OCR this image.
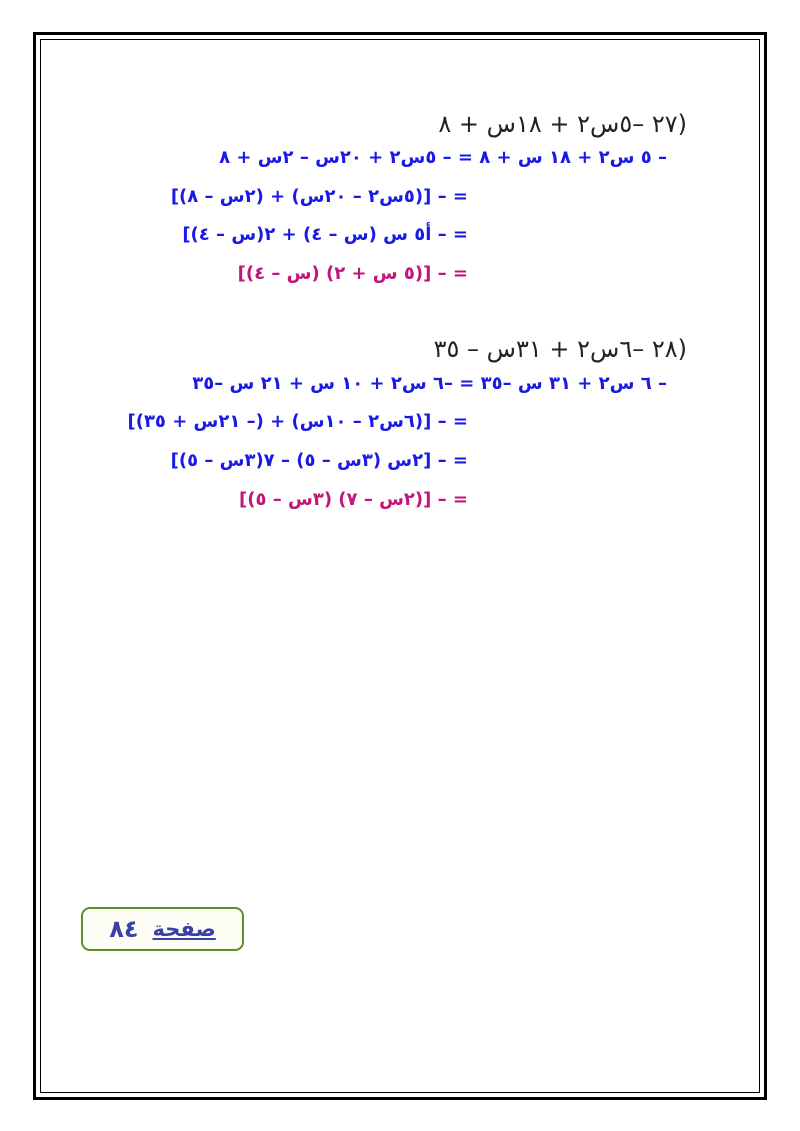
(٢٧ –٥س٢ + ١٨س + ٨
– ٥ س٢ + ١٨ س + ٨ = – ٥س٢ + ٢٠س – ٢س + ٨
= – [(٥س٢ – ٢٠س) + (٢س – ٨)]
= – أ٥ س (س – ٤) + ٢(س – ٤)]
= – [(٥ س + ٢) (س – ٤)]
(٢٨ –٦س٢ + ٣١س – ٣٥
– ٦ س٢ + ٣١ س –٣٥ = –٦ س٢ + ١٠ س + ٢١ س –٣٥
= – [(٦س٢ – ١٠س) + (– ٢١س + ٣٥)]
= – [٢س (٣س – ٥) – ٧(٣س – ٥)]
= – [(٢س – ٧) (٣س – ٥)]
صفحة
٨٤
